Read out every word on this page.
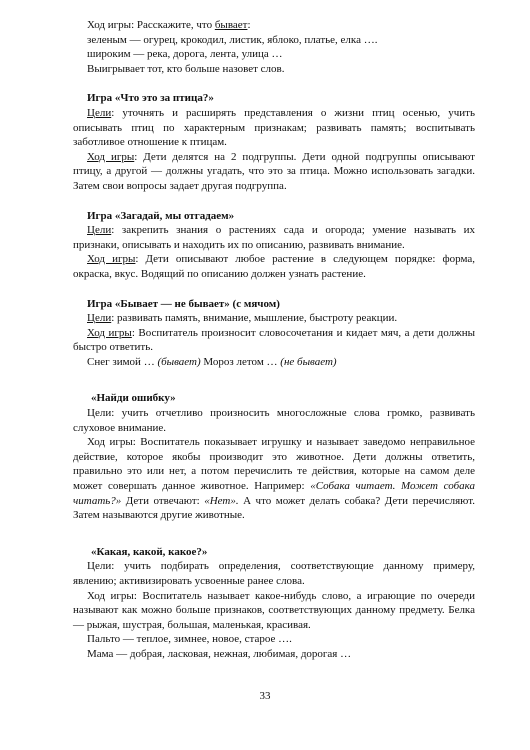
Ход игры: Расскажите, что бывает:

зеленым — огурец, крокодил, листик, яблоко, платье, елка ….

широким — река, дорога, лента, улица …

Выигрывает тот, кто больше назовет слов.

Игра «Что это за птица?»

Цели: уточнять и расширять представления о жизни птиц осенью, учить описывать птиц по характерным признакам; развивать память; воспитывать заботливое отношение к птицам.

Ход игры: Дети делятся на 2 подгруппы. Дети одной подгруппы описывают птицу, а другой — должны угадать, что это за птица. Можно использовать загадки. Затем свои вопросы задает другая подгруппа.

Игра «Загадай, мы отгадаем»

Цели: закрепить знания о растениях сада и огорода; умение называть их признаки, описывать и находить их по описанию, развивать внимание.

Ход игры: Дети описывают любое растение в следующем порядке: форма, окраска, вкус. Водящий по описанию должен узнать растение.

Игра «Бывает — не бывает» (с мячом)

Цели: развивать память, внимание, мышление, быстроту реакции.

Ход игры: Воспитатель произносит словосочетания и кидает мяч, а дети должны быстро ответить.

Снег зимой … (бывает) Мороз летом … (не бывает)

«Найди ошибку»

Цели: учить отчетливо произносить многосложные слова громко, развивать слуховое внимание.

Ход игры: Воспитатель показывает игрушку и называет заведомо неправильное действие, которое якобы производит это животное. Дети должны ответить, правильно это или нет, а потом перечислить те действия, которые на самом деле может совершать данное животное. Например: «Собака читает. Может собака читать?» Дети отвечают: «Нет». А что может делать собака? Дети перечисляют. Затем называются другие животные.

«Какая, какой, какое?»

Цели: учить подбирать определения, соответствующие данному примеру, явлению; активизировать усвоенные ранее слова.

Ход игры: Воспитатель называет какое-нибудь слово, а играющие по очереди называют как можно больше признаков, соответствующих данному предмету. Белка — рыжая, шустрая, большая, маленькая, красивая.

Пальто — теплое, зимнее, новое, старое ….

Мама — добрая, ласковая, нежная, любимая, дорогая …

33
